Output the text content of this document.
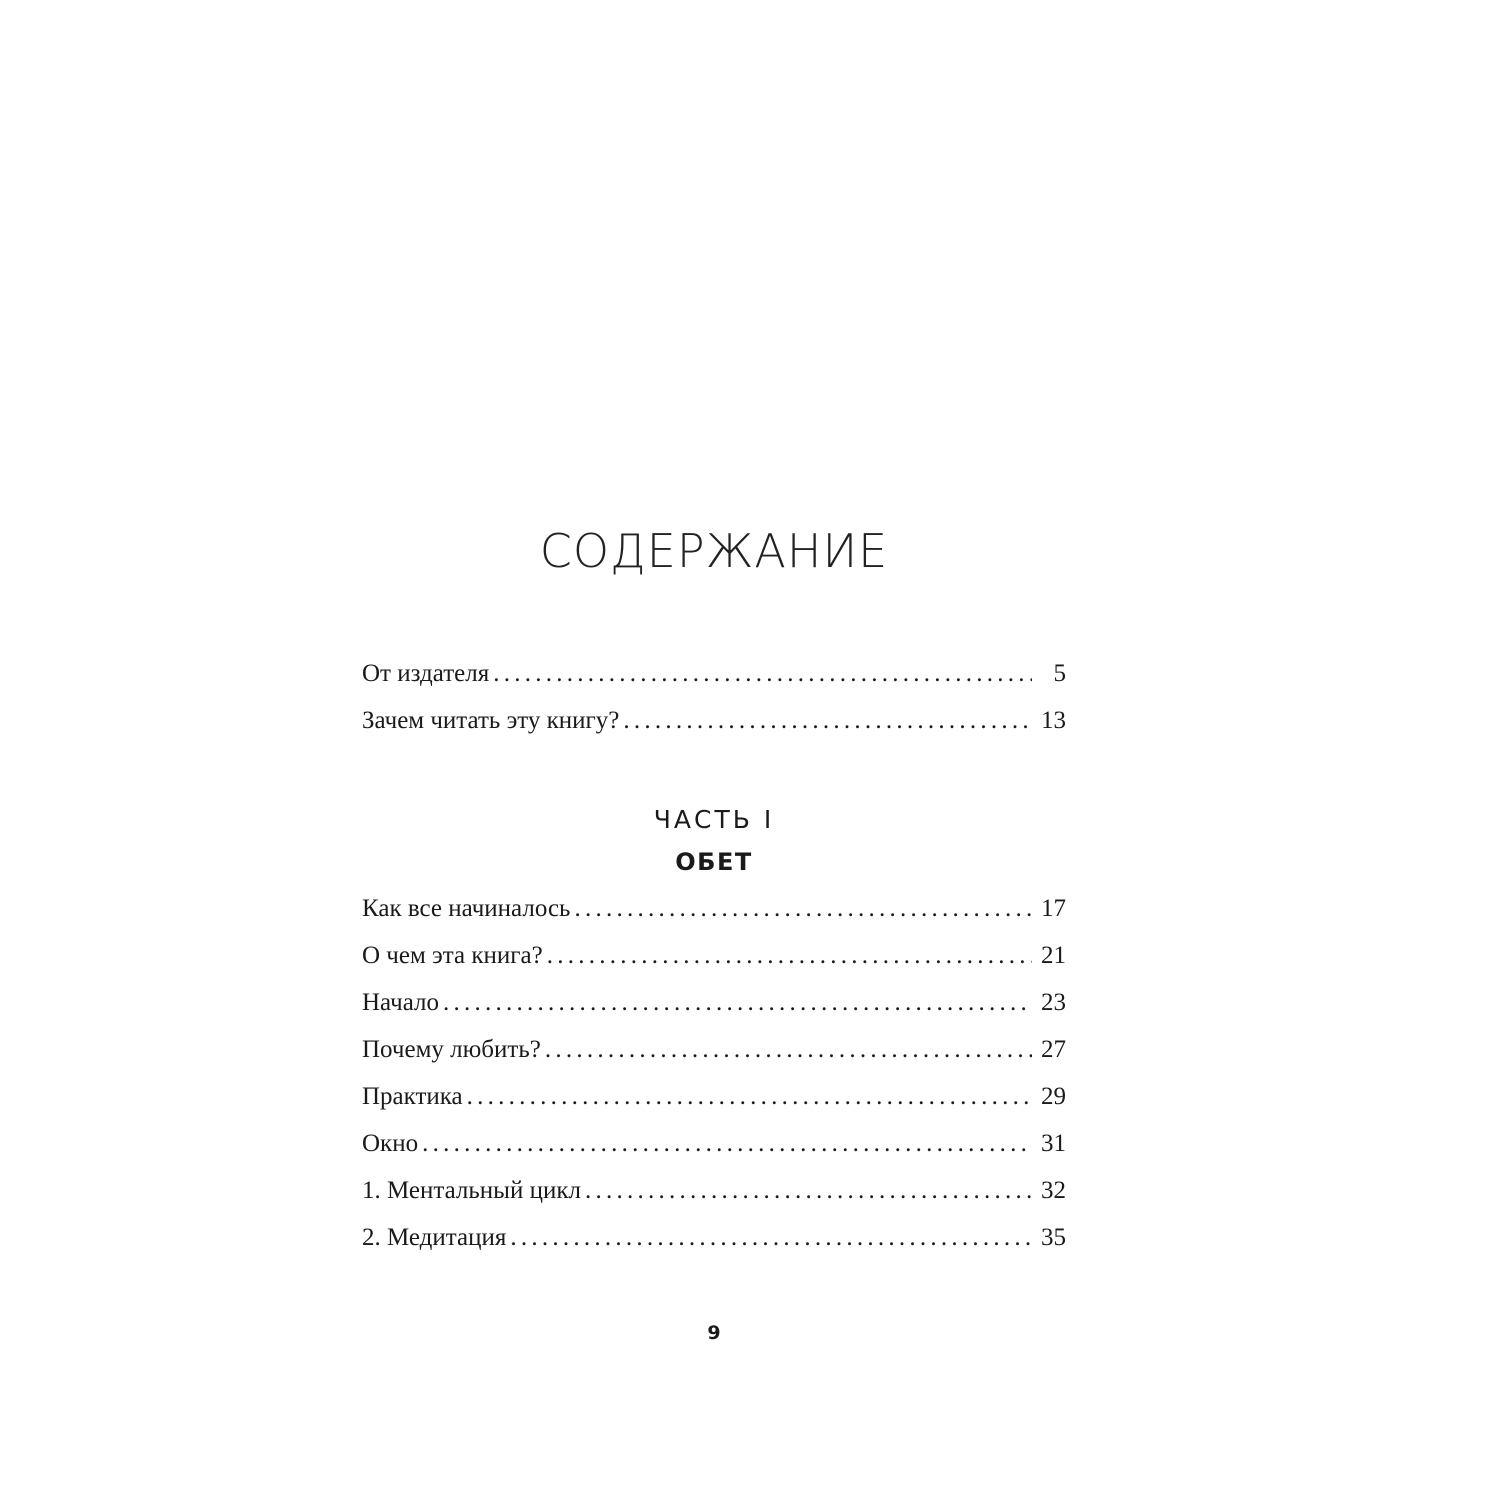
СОДЕРЖАНИЕ
От издателя . . .	5
Зачем читать эту книгу? . . .	13
ЧАСТЬ I
ОБЕТ
Как все начиналось . . .	17
О чем эта книга? . . .	21
Начало . . .	23
Почему любить? . . .	27
Практика . . .	29
Окно . . .	31
1. Ментальный цикл . . .	32
2. Медитация . . .	35
9
